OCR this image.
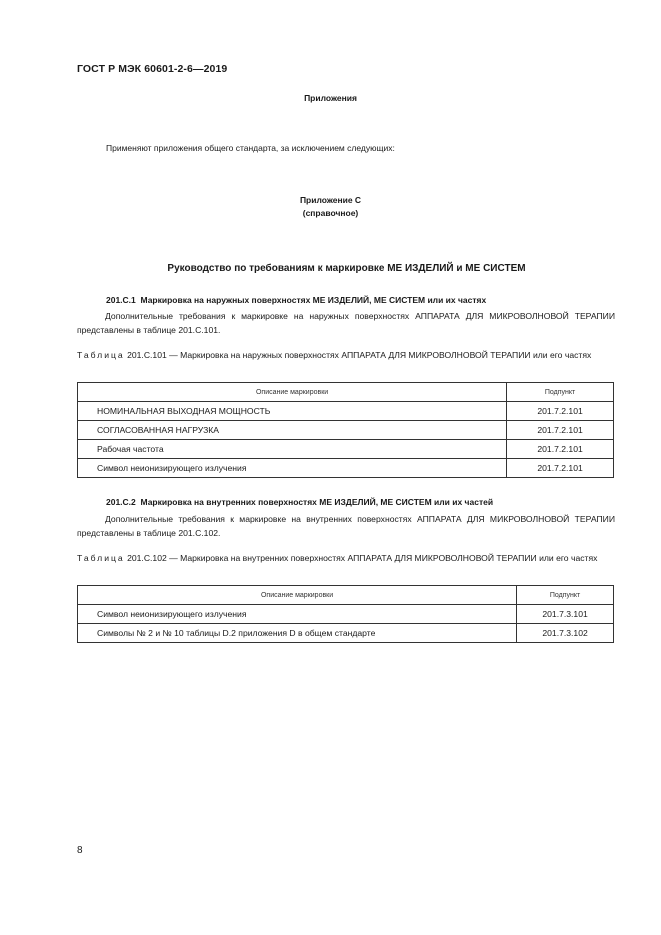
ГОСТ Р МЭК 60601-2-6—2019
Приложения
Применяют приложения общего стандарта, за исключением следующих:
Приложение С
(справочное)
Руководство по требованиям к маркировке МЕ ИЗДЕЛИЙ и МЕ СИСТЕМ
201.С.1 Маркировка на наружных поверхностях МЕ ИЗДЕЛИЙ, МЕ СИСТЕМ или их частях
Дополнительные требования к маркировке на наружных поверхностях АППАРАТА ДЛЯ МИКРОВОЛНОВОЙ ТЕРАПИИ представлены в таблице 201.С.101.
Таблица 201.С.101 — Маркировка на наружных поверхностях АППАРАТА ДЛЯ МИКРОВОЛНОВОЙ ТЕРАПИИ или его частях
Описание маркировки	Подпункт
НОМИНАЛЬНАЯ ВЫХОДНАЯ МОЩНОСТЬ	201.7.2.101
СОГЛАСОВАННАЯ НАГРУЗКА	201.7.2.101
Рабочая частота	201.7.2.101
Символ неионизирующего излучения	201.7.2.101
201.С.2 Маркировка на внутренних поверхностях МЕ ИЗДЕЛИЙ, МЕ СИСТЕМ или их частей
Дополнительные требования к маркировке на внутренних поверхностях АППАРАТА ДЛЯ МИКРОВОЛНОВОЙ ТЕРАПИИ представлены в таблице 201.С.102.
Таблица 201.С.102 — Маркировка на внутренних поверхностях АППАРАТА ДЛЯ МИКРОВОЛНОВОЙ ТЕРАПИИ или его частях
Описание маркировки	Подпункт
Символ неионизирующего излучения	201.7.3.101
Символы № 2 и № 10 таблицы D.2 приложения D в общем стандарте	201.7.3.102
8
